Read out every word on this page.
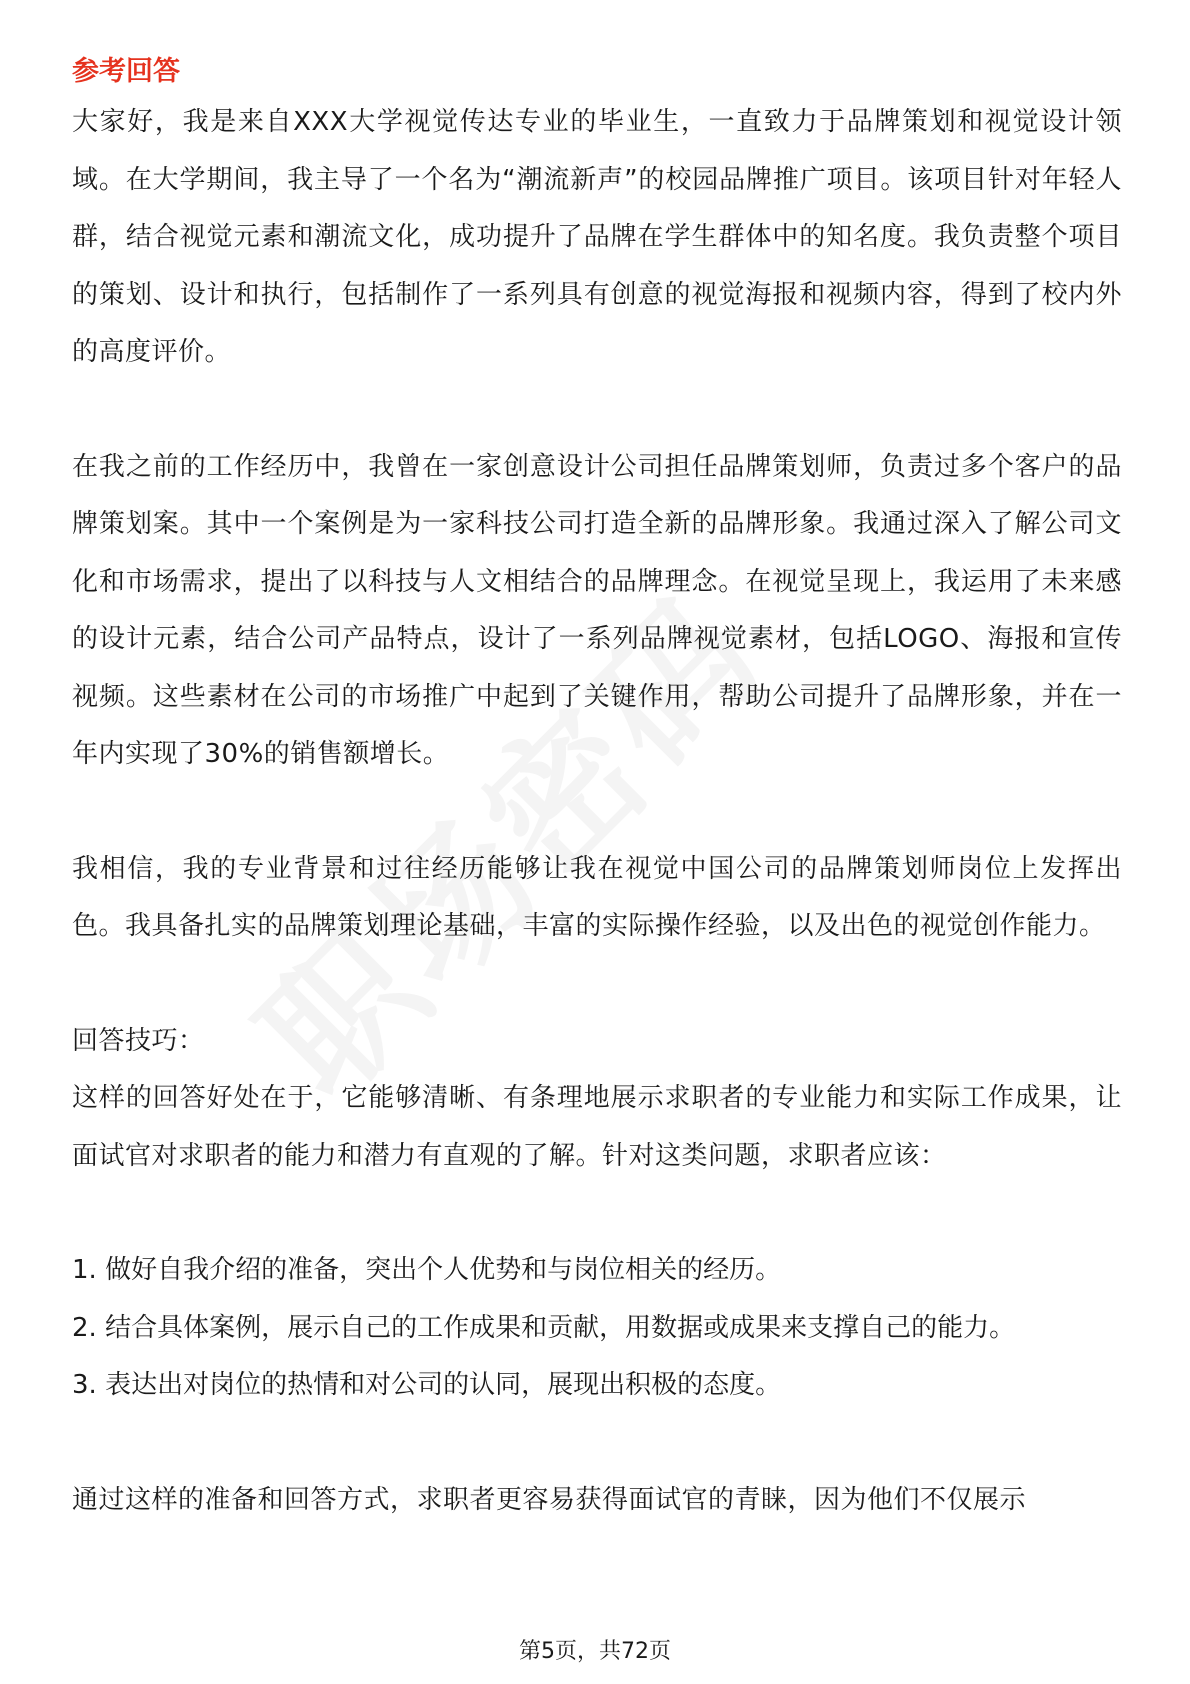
参考回答

大家好，我是来自XXX大学视觉传达专业的毕业生，一直致力于品牌策划和视觉设计领域。在大学期间，我主导了一个名为“潮流新声”的校园品牌推广项目。该项目针对年轻人群，结合视觉元素和潮流文化，成功提升了品牌在学生群体中的知名度。我负责整个项目的策划、设计和执行，包括制作了一系列具有创意的视觉海报和视频内容，得到了校内外的高度评价。

在我之前的工作经历中，我曾在一家创意设计公司担任品牌策划师，负责过多个客户的品牌策划案。其中一个案例是为一家科技公司打造全新的品牌形象。我通过深入了解公司文化和市场需求，提出了以科技与人文相结合的品牌理念。在视觉呈现上，我运用了未来感的设计元素，结合公司产品特点，设计了一系列品牌视觉素材，包括LOGO、海报和宣传视频。这些素材在公司的市场推广中起到了关键作用，帮助公司提升了品牌形象，并在一年内实现了30%的销售额增长。

我相信，我的专业背景和过往经历能够让我在视觉中国公司的品牌策划师岗位上发挥出色。我具备扎实的品牌策划理论基础，丰富的实际操作经验，以及出色的视觉创作能力。

回答技巧：

这样的回答好处在于，它能够清晰、有条理地展示求职者的专业能力和实际工作成果，让面试官对求职者的能力和潜力有直观的了解。针对这类问题，求职者应该：

1. 做好自我介绍的准备，突出个人优势和与岗位相关的经历。

2. 结合具体案例，展示自己的工作成果和贡献，用数据或成果来支撑自己的能力。

3. 表达出对岗位的热情和对公司的认同，展现出积极的态度。

通过这样的准备和回答方式，求职者更容易获得面试官的青睐，因为他们不仅展示

第5页，共72页
